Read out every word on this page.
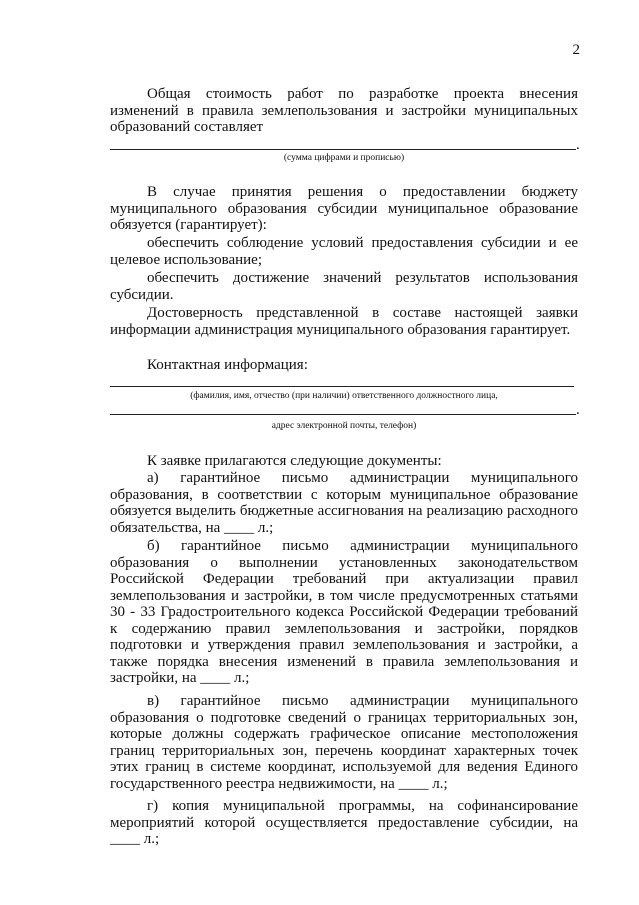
2
Общая стоимость работ по разработке проекта внесения изменений в правила землепользования и застройки муниципальных образований составляет
.
(сумма цифрами и прописью)
В случае принятия решения о предоставлении бюджету муниципального образования субсидии муниципальное образование обязуется (гарантирует):
обеспечить соблюдение условий предоставления субсидии и ее целевое использование;
обеспечить достижение значений результатов использования субсидии.
Достоверность представленной в составе настоящей заявки информации администрация муниципального образования гарантирует.
Контактная информация:
(фамилия, имя, отчество (при наличии) ответственного должностного лица,
.
адрес электронной почты, телефон)
К заявке прилагаются следующие документы:
а) гарантийное письмо администрации муниципального образования, в соответствии с которым муниципальное образование обязуется выделить бюджетные ассигнования на реализацию расходного обязательства, на ____ л.;
б) гарантийное письмо администрации муниципального образования о выполнении установленных законодательством Российской Федерации требований при актуализации правил землепользования и застройки, в том числе предусмотренных статьями 30 - 33 Градостроительного кодекса Российской Федерации требований к содержанию правил землепользования и застройки, порядков подготовки и утверждения правил землепользования и застройки, а также порядка внесения изменений в правила землепользования и застройки, на ____ л.;
в) гарантийное письмо администрации муниципального образования о подготовке сведений о границах территориальных зон, которые должны содержать графическое описание местоположения границ территориальных зон, перечень координат характерных точек этих границ в системе координат, используемой для ведения Единого государственного реестра недвижимости, на ____ л.;
г) копия муниципальной программы, на софинансирование мероприятий которой осуществляется предоставление субсидии, на ____ л.;
